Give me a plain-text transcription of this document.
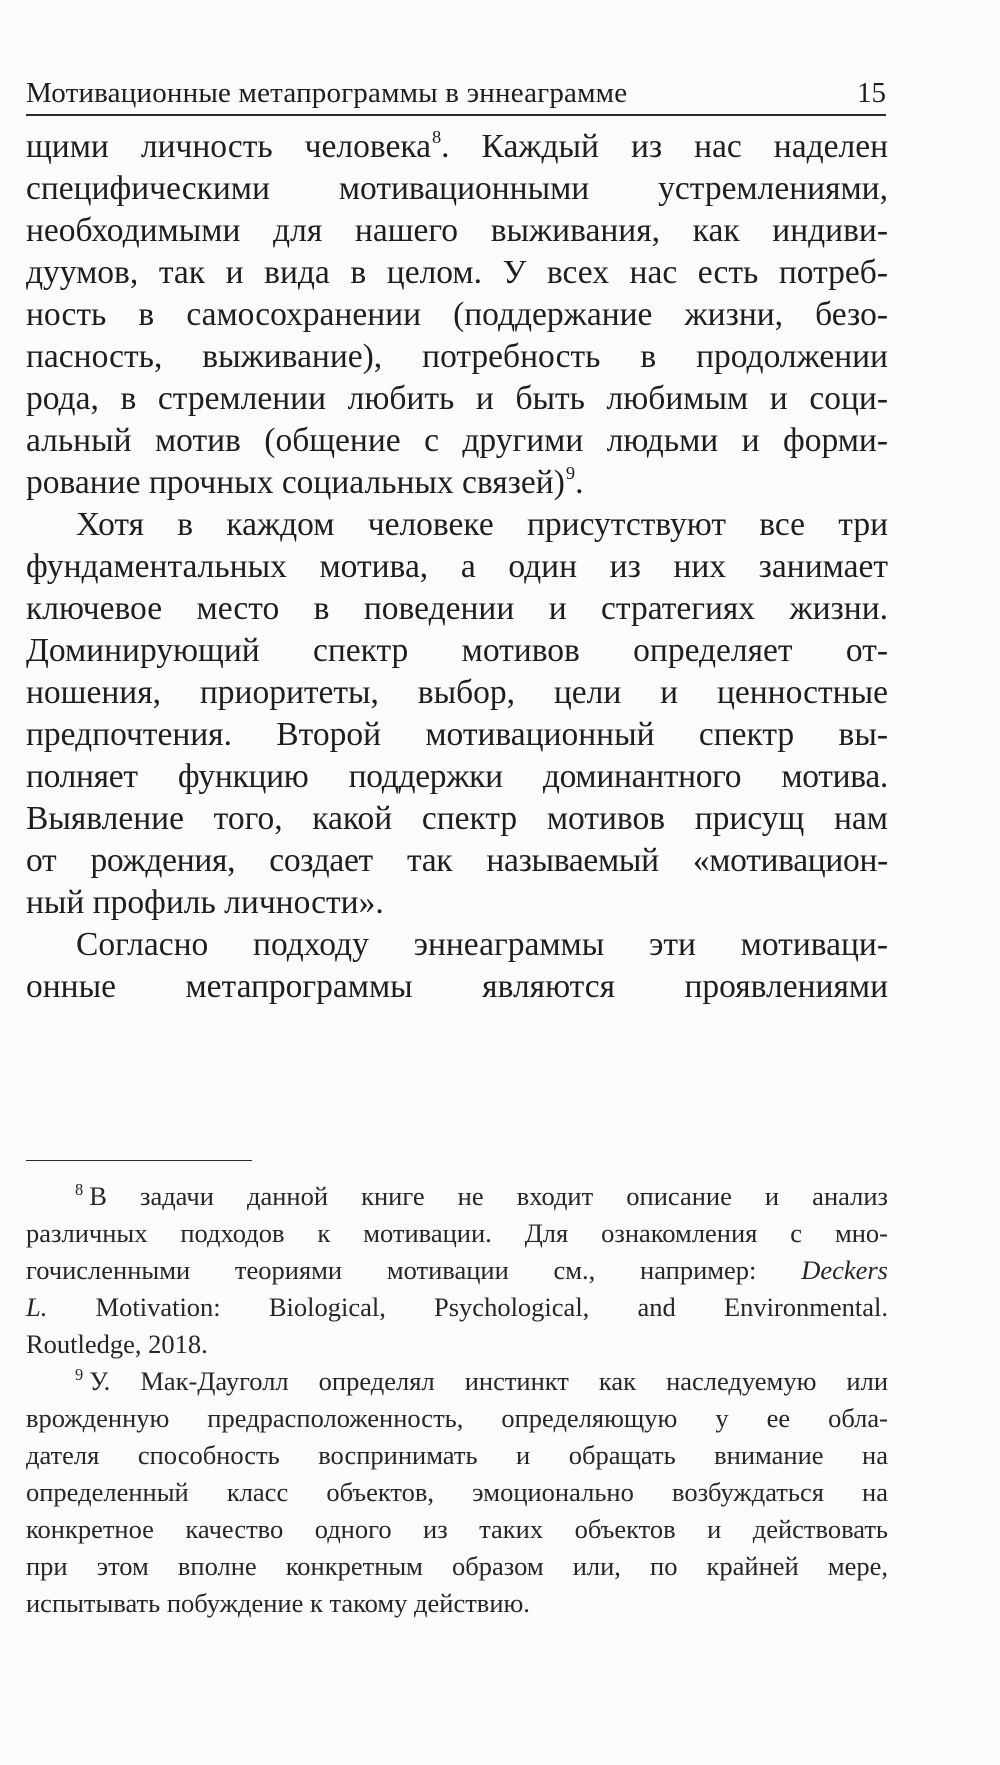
Мотивационные метапрограммы в эннеаграмме	15
щими личность человека$^8$. Каждый из нас наделен
специфическими мотивационными устремлениями,
необходимыми для нашего выживания, как индиви-
дуумов, так и вида в целом. У всех нас есть потреб-
ность в самосохранении (поддержание жизни, безо-
пасность, выживание), потребность в продолжении
рода, в стремлении любить и быть любимым и соци-
альный мотив (общение с другими людьми и форми-
рование прочных социальных связей)$^9$.
Хотя в каждом человеке присутствуют все три
фундаментальных мотива, а один из них занимает
ключевое место в поведении и стратегиях жизни.
Доминирующий спектр мотивов определяет от-
ношения, приоритеты, выбор, цели и ценностные
предпочтения. Второй мотивационный спектр вы-
полняет функцию поддержки доминантного мотива.
Выявление того, какой спектр мотивов присущ нам
от рождения, создает так называемый «мотивацион-
ный профиль личности».
Согласно подходу эннеаграммы эти мотиваци-
онные метапрограммы являются проявлениями
$^8$ В задачи данной книге не входит описание и анализ
различных подходов к мотивации. Для ознакомления с мно-
гочисленными теориями мотивации см., например: Deckers
L. Motivation: Biological, Psychological, and Environmental.
Routledge, 2018.
$^9$ У. Мак-Дауголл определял инстинкт как наследуемую или
врожденную предрасположенность, определяющую у ее обла-
дателя способность воспринимать и обращать внимание на
определенный класс объектов, эмоционально возбуждаться на
конкретное качество одного из таких объектов и действовать
при этом вполне конкретным образом или, по крайней мере,
испытывать побуждение к такому действию.
